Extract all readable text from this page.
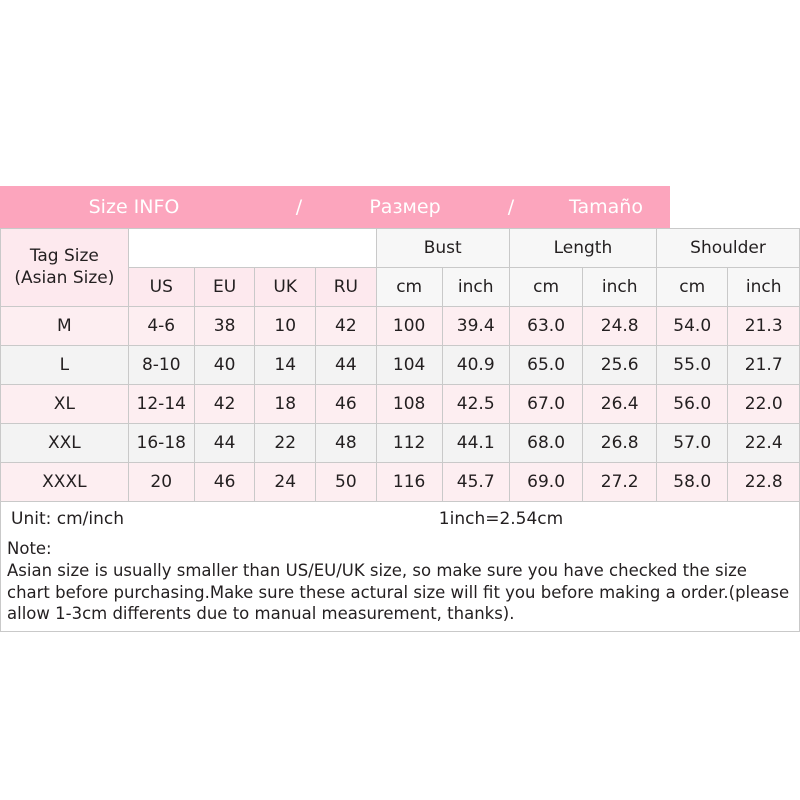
Size INFO	/	Размер	/	Tamaño
Tag Size
(Asian Size)					Bust		Length		Shoulder	
	US	EU	UK	RU	cm	inch	cm	inch	cm	inch
M	4-6	38	10	42	100	39.4	63.0	24.8	54.0	21.3
L	8-10	40	14	44	104	40.9	65.0	25.6	55.0	21.7
XL	12-14	42	18	46	108	42.5	67.0	26.4	56.0	22.0
XXL	16-18	44	22	48	112	44.1	68.0	26.8	57.0	22.4
XXXL	20	46	24	50	116	45.7	69.0	27.2	58.0	22.8
Unit: cm/inch	1inch=2.54cm
Note:
Asian size is usually smaller than US/EU/UK size, so make sure you have checked the size chart before purchasing.Make sure these actural size will fit you before making a order.(please allow 1-3cm differents due to manual measurement, thanks).
